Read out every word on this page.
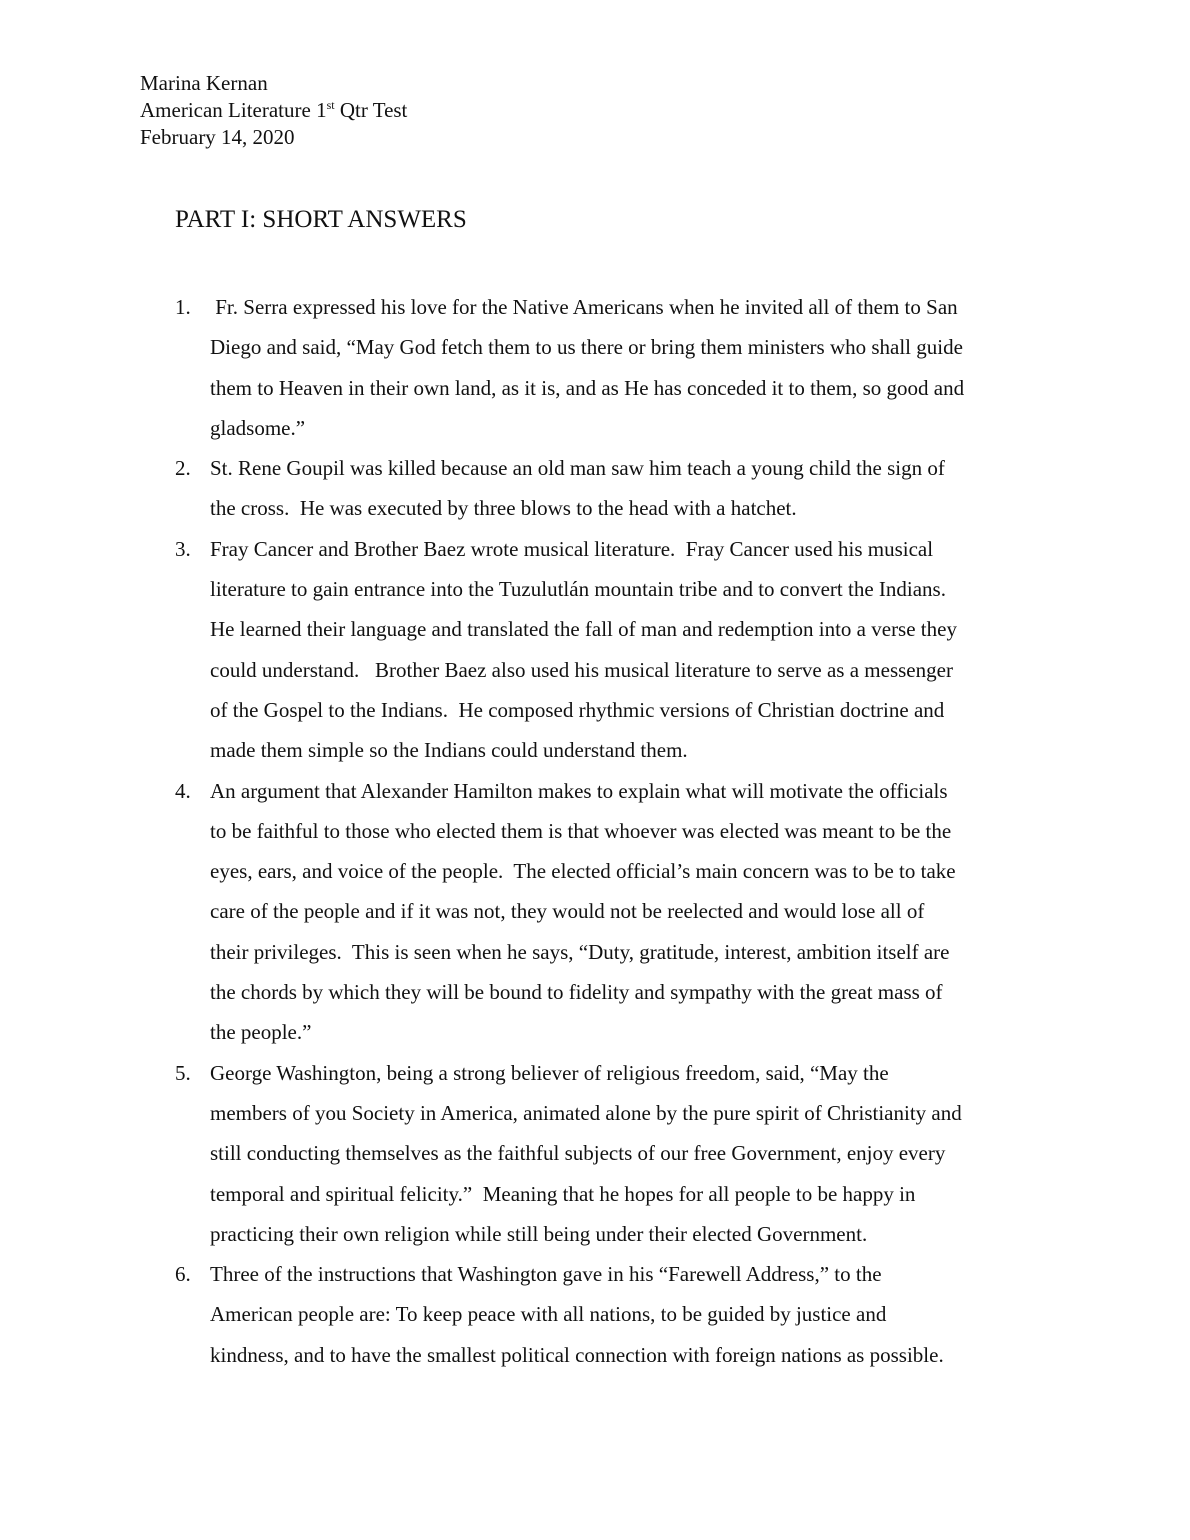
Marina Kernan
American Literature 1st Qtr Test
February 14, 2020
PART I: SHORT ANSWERS
1. Fr. Serra expressed his love for the Native Americans when he invited all of them to San
Diego and said, “May God fetch them to us there or bring them ministers who shall guide
them to Heaven in their own land, as it is, and as He has conceded it to them, so good and
gladsome.”
2. St. Rene Goupil was killed because an old man saw him teach a young child the sign of
the cross.  He was executed by three blows to the head with a hatchet.
3. Fray Cancer and Brother Baez wrote musical literature.  Fray Cancer used his musical
literature to gain entrance into the Tuzulutlán mountain tribe and to convert the Indians.
He learned their language and translated the fall of man and redemption into a verse they
could understand.   Brother Baez also used his musical literature to serve as a messenger
of the Gospel to the Indians.  He composed rhythmic versions of Christian doctrine and
made them simple so the Indians could understand them.
4. An argument that Alexander Hamilton makes to explain what will motivate the officials
to be faithful to those who elected them is that whoever was elected was meant to be the
eyes, ears, and voice of the people.  The elected official’s main concern was to be to take
care of the people and if it was not, they would not be reelected and would lose all of
their privileges.  This is seen when he says, “Duty, gratitude, interest, ambition itself are
the chords by which they will be bound to fidelity and sympathy with the great mass of
the people.”
5. George Washington, being a strong believer of religious freedom, said, “May the
members of you Society in America, animated alone by the pure spirit of Christianity and
still conducting themselves as the faithful subjects of our free Government, enjoy every
temporal and spiritual felicity.”  Meaning that he hopes for all people to be happy in
practicing their own religion while still being under their elected Government.
6. Three of the instructions that Washington gave in his “Farewell Address,” to the
American people are: To keep peace with all nations, to be guided by justice and
kindness, and to have the smallest political connection with foreign nations as possible.
